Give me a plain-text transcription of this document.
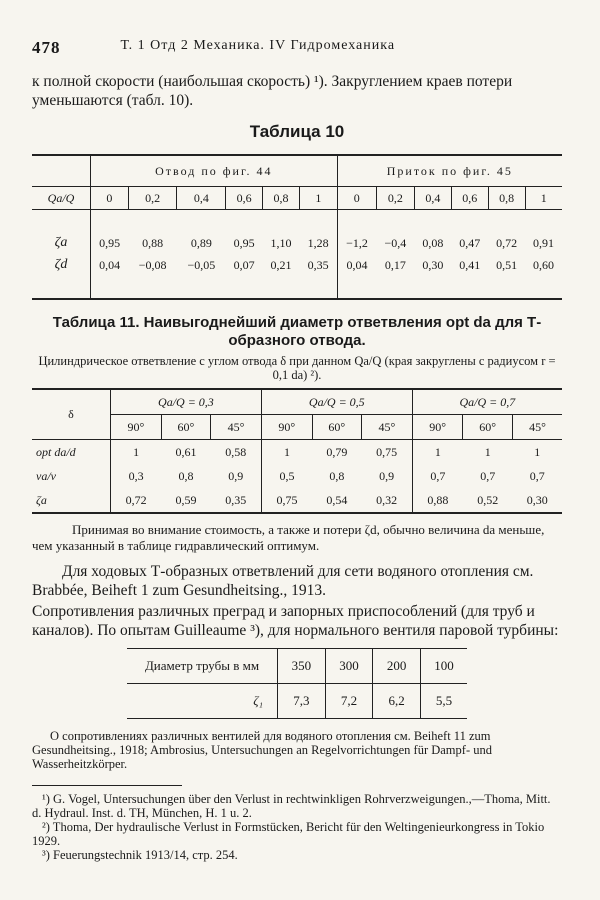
478	Т. 1 Отд 2 Механика. IV Гидромеханика

к полной скорости (наибольшая скорость) ¹). Закруглением краев потери уменьшаются (табл. 10).

Таблица 10
	Отвод по фиг. 44						Приток по фиг. 45					
Qa/Q	0	0,2	0,4	0,6	0,8	1	0	0,2	0,4	0,6	0,8	1

ζa	0,95	0,88	0,89	0,95	1,10	1,28	−1,2	−0,4	0,08	0,47	0,72	0,91
ζd	0,04	−0,08	−0,05	0,07	0,21	0,35	0,04	0,17	0,30	0,41	0,51	0,60

Таблица 11. Наивыгоднейший диаметр ответвления opt da для Т-образного отвода.
Цилиндрическое ответвление с углом отвода δ при данном Qa/Q (края закруглены с радиусом r = 0,1 da) ²).
δ	Qa/Q = 0,3			Qa/Q = 0,5			Qa/Q = 0,7		
	90°	60°	45°	90°	60°	45°	90°	60°	45°
opt da/d	1	0,61	0,58	1	0,79	0,75	1	1	1
va/v	0,3	0,8	0,9	0,5	0,8	0,9	0,7	0,7	0,7
ζa	0,72	0,59	0,35	0,75	0,54	0,32	0,88	0,52	0,30

Принимая во внимание стоимость, а также и потери ζd, обычно величина da меньше, чем указанный в таблице гидравлический оптимум.

Для ходовых Т-образных ответвлений для сети водяного отопления см. Brabbée, Beiheft 1 zum Gesundheitsing., 1913.

Сопротивления различных преград и запорных приспособлений (для труб и каналов). По опытам Guilleaume ³), для нормального вентиля паровой турбины:

Диаметр трубы в мм	350	300	200	100
ζ₁	7,3	7,2	6,2	5,5

О сопротивлениях различных вентилей для водяного отопления см. Beiheft 11 zum Gesundheitsing., 1918; Ambrosius, Untersuchungen an Regelvorrichtungen für Dampf- und Wasserheitzkörper.

¹) G. Vogel, Untersuchungen über den Verlust in rechtwinkligen Rohrverzweigungen.,—Thoma, Mitt. d. Hydraul. Inst. d. TH, München, H. 1 u. 2.

²) Thoma, Der hydraulische Verlust in Formstücken, Bericht für den Weltingenieurkongress in Tokio 1929.

³) Feuerungstechnik 1913/14, стр. 254.
